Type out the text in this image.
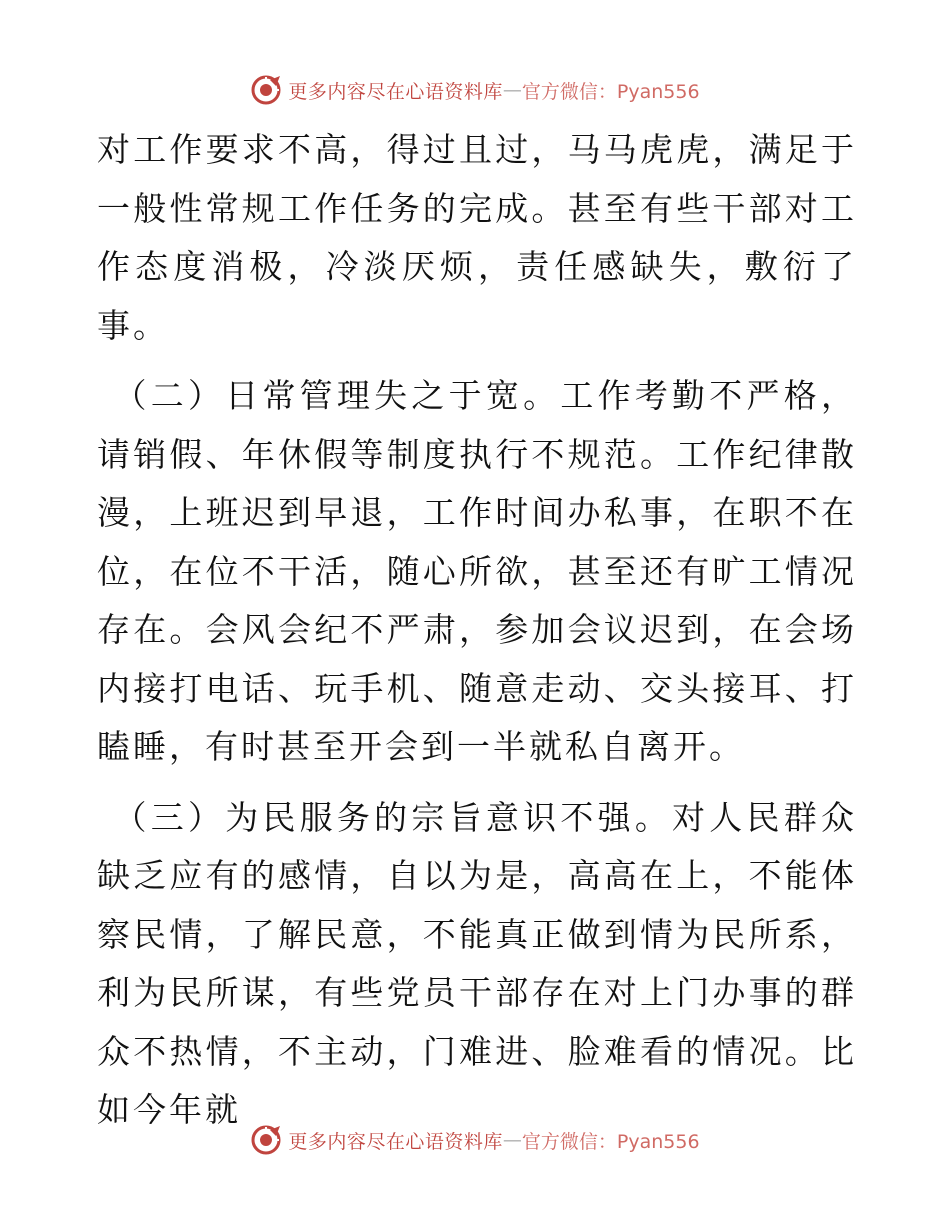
更多内容尽在心语资料库 — 官方微信：Pyan556

对工作要求不高，得过且过，马马虎虎，满足于一般性常规工作任务的完成。甚至有些干部对工作态度消极，冷淡厌烦，责任感缺失，敷衍了事。

（二）日常管理失之于宽。工作考勤不严格，请销假、年休假等制度执行不规范。工作纪律散漫，上班迟到早退，工作时间办私事，在职不在位，在位不干活，随心所欲，甚至还有旷工情况存在。会风会纪不严肃，参加会议迟到，在会场内接打电话、玩手机、随意走动、交头接耳、打瞌睡，有时甚至开会到一半就私自离开。

（三）为民服务的宗旨意识不强。对人民群众缺乏应有的感情，自以为是，高高在上，不能体察民情，了解民意，不能真正做到情为民所系，利为民所谋，有些党员干部存在对上门办事的群众不热情，不主动，门难进、脸难看的情况。比如今年就

更多内容尽在心语资料库 — 官方微信：Pyan556
